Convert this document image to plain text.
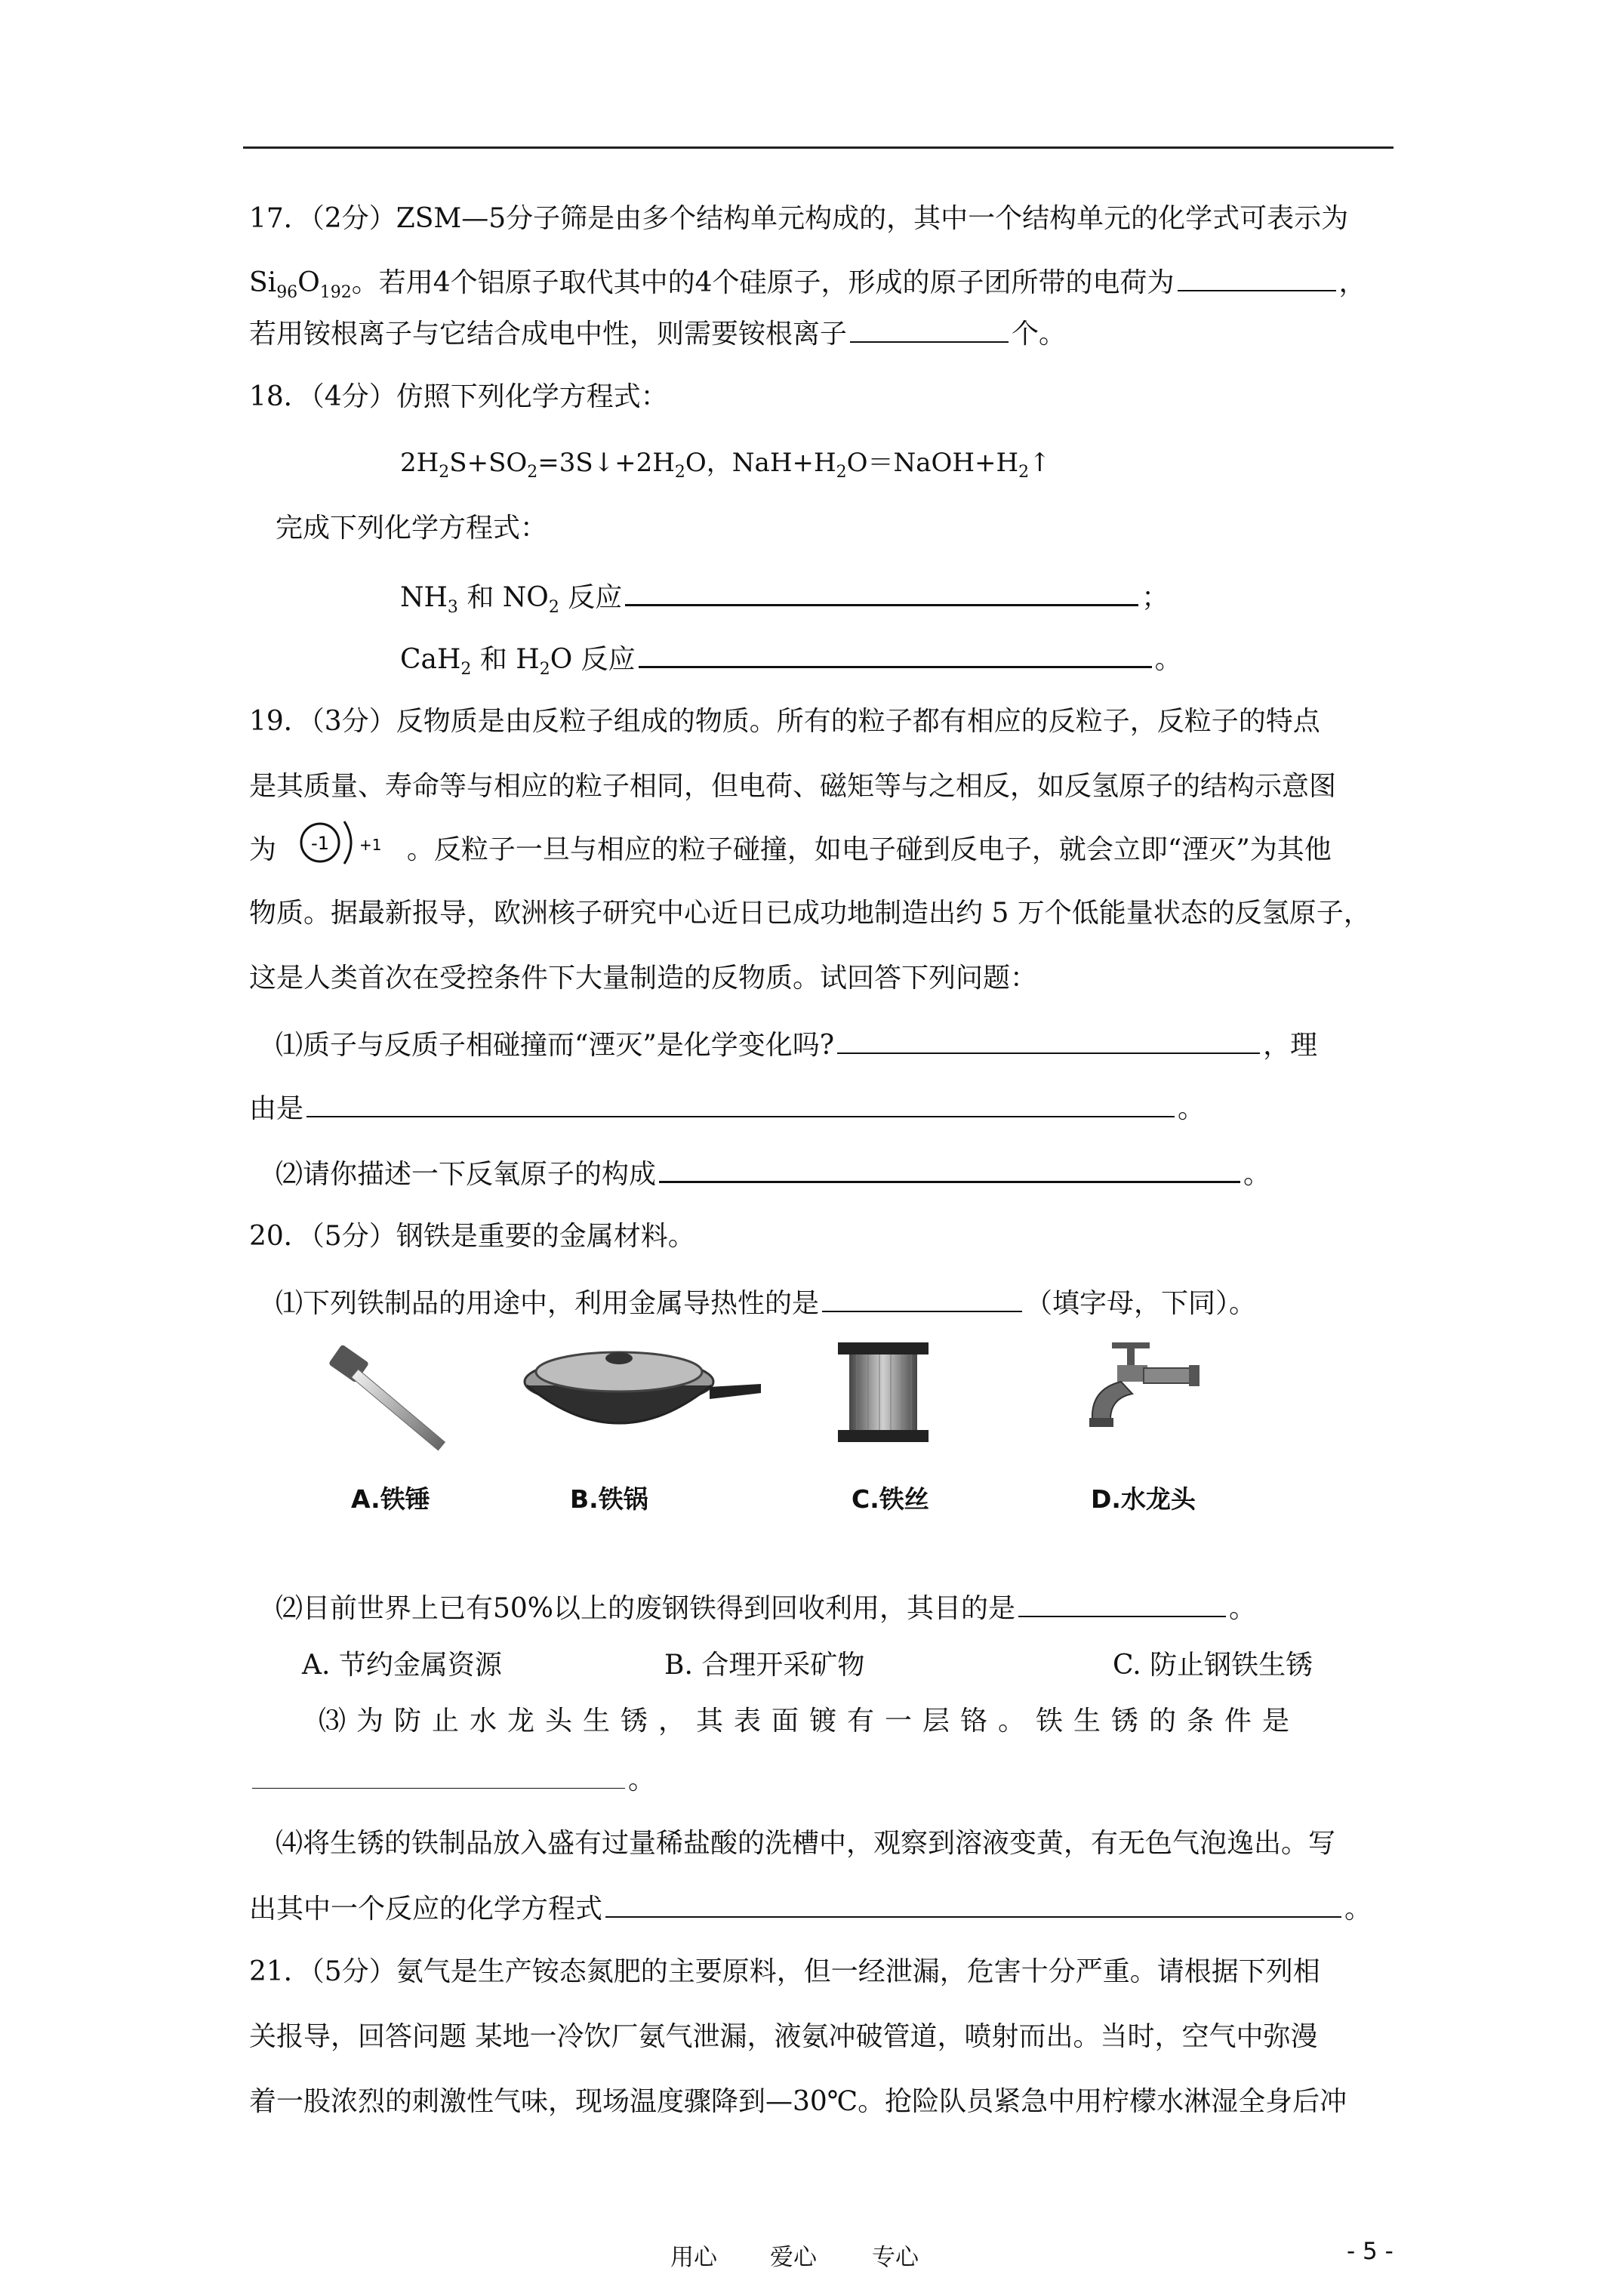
17．（2分）ZSM—5分子筛是由多个结构单元构成的，其中一个结构单元的化学式可表示为
$Si_{96}O_{192}$。若用4个铝原子取代其中的4个硅原子，形成的原子团所带的电荷为	，
若用铵根离子与它结合成电中性，则需要铵根离子	个。
18．（4分）仿照下列化学方程式：
$2H_2S+SO_2=3S↓+2H_2O$，$NaH+H_2O=NaOH+H_2↑$
完成下列化学方程式：
$NH_3$ 和 $NO_2$ 反应	；
CaH$_2$ 和 $H_2O$ 反应	。
19．（3分）反物质是由反粒子组成的物质。所有的粒子都有相应的反粒子，反粒子的特点
是其质量、寿命等与相应的粒子相同，但电荷、磁矩等与之相反，如反氢原子的结构示意图
为	。反粒子一旦与相应的粒子碰撞，如电子碰到反电子，就会立即“湮灭”为其他
-1 +1
物质。据最新报导，欧洲核子研究中心近日已成功地制造出约 5 万个低能量状态的反氢原子，
这是人类首次在受控条件下大量制造的反物质。试回答下列问题：
⑴质子与反质子相碰撞而“湮灭”是化学变化吗?	，理
由是	。
⑵请你描述一下反氧原子的构成	。
20．（5分）钢铁是重要的金属材料。
⑴下列铁制品的用途中，利用金属导热性的是	（填字母，下同）。
A.铁锤	B.铁锅	C.铁丝	D.水龙头
⑵目前世界上已有50%以上的废钢铁得到回收利用，其目的是	。
A. 节约金属资源	B. 合理开采矿物	C. 防止钢铁生锈
⑶为防止水龙头生锈，其表面镀有一层铬。铁生锈的条件是
。
⑷将生锈的铁制品放入盛有过量稀盐酸的洗槽中，观察到溶液变黄，有无色气泡逸出。写
出其中一个反应的化学方程式	。
21．（5分）氨气是生产铵态氮肥的主要原料，但一经泄漏，危害十分严重。请根据下列相
关报导，回答问题 某地一冷饮厂氨气泄漏，液氨冲破管道，喷射而出。当时，空气中弥漫
着一股浓烈的刺激性气味，现场温度骤降到—30℃。抢险队员紧急中用柠檬水淋湿全身后冲
用心 爱心 专心	- 5 -
